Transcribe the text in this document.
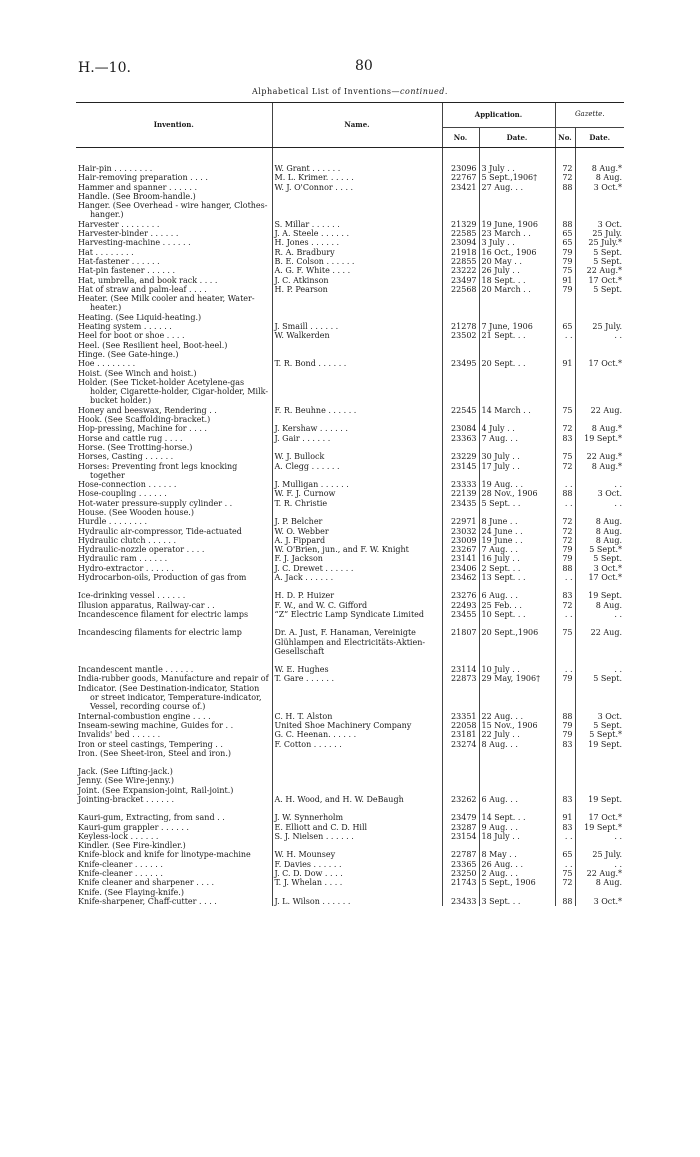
H.—10.	80
Alphabetical List of Inventions—continued.
Invention.	Name.	Application.		Gazette.	
		No.	Date.	No.	Date.

Hair-pin . . . . . . . .	W. Grant . . . . . .	23096	3 July . .	72	8 Aug.*

Hair-removing preparation . . . .	M. L. Krimer. . . . . .	22767	5 Sept.,1906†	72	8 Aug.

Hammer and spanner . . . . . .	W. J. O'Connor . . . .	23421	27 Aug. . .	88	3 Oct.*

Handle. (See Broom-handle.)					

Hanger. (See Overhead - wire hanger, Clothes-hanger.)					

Harvester . . . . . . . .	S. Millar . . . . . .	21329	19 June, 1906	88	3 Oct.

Harvester-binder . . . . . .	J. A. Steele . . . . . .	22585	23 March . .	65	25 July.

Harvesting-machine . . . . . .	H. Jones . . . . . .	23094	3 July . .	65	25 July.*

Hat . . . . . . . .	R. A. Bradbury	21918	16 Oct., 1906	79	5 Sept.

Hat-fastener . . . . . .	B. E. Colson . . . . . .	22855	20 May . .	79	5 Sept.

Hat-pin fastener . . . . . .	A. G. F. White . . . .	23222	26 July . .	75	22 Aug.*

Hat, umbrella, and book rack . . . .	J. C. Atkinson	23497	18 Sept. . .	91	17 Oct.*

Hat of straw and palm-leaf . . . .	H. P. Pearson	22568	20 March . .	79	5 Sept.

Heater. (See Milk cooler and heater, Water-heater.)					

Heating. (See Liquid-heating.)					

Heating system . . . . . .	J. Smaill . . . . . .	21278	7 June, 1906	65	25 July.

Heel for boot or shoe . . . .	W. Walkerden	23502	21 Sept. . .	. .	. .

Heel. (See Resilient heel, Boot-heel.)					

Hinge. (See Gate-hinge.)					

Hoe . . . . . . . .	T. R. Bond . . . . . .	23495	20 Sept. . .	91	17 Oct.*

Hoist. (See Winch and hoist.)					

Holder. (See Ticket-holder Acetylene-gas holder, Cigarette-holder, Cigar-holder, Milk-bucket holder.)					

Honey and beeswax, Rendering . .	F. R. Beuhne . . . . . .	22545	14 March . .	75	22 Aug.

Hook. (See Scaffolding-bracket.)					

Hop-pressing, Machine for . . . .	J. Kershaw . . . . . .	23084	4 July . .	72	8 Aug.*

Horse and cattle rug . . . .	J. Gair . . . . . .	23363	7 Aug. . .	83	19 Sept.*

Horse. (See Trotting-horse.)					

Horses, Casting . . . . . .	W. J. Bullock	23229	30 July . .	75	22 Aug.*

Horses: Preventing front legs knocking together	A. Clegg . . . . . .	23145	17 July . .	72	8 Aug.*

Hose-connection . . . . . .	J. Mulligan . . . . . .	23333	19 Aug. . .	. .	. .

Hose-coupling . . . . . .	W. F. J. Curnow	22139	28 Nov., 1906	88	3 Oct.

Hot-water pressure-supply cylinder . .	T. R. Christie	23435	5 Sept. . .	. .	. .

House. (See Wooden house.)					

Hurdle . . . . . . . .	J. P. Belcher	22971	8 June . .	72	8 Aug.

Hydraulic air-compressor, Tide-actuated	W. O. Webber	23032	24 June . .	72	8 Aug.

Hydraulic clutch . . . . . .	A. J. Fippard	23009	19 June . .	72	8 Aug.

Hydraulic-nozzle operator . . . .	W. O'Brien, jun., and F. W. Knight	23267	7 Aug. . .	79	5 Sept.*

Hydraulic ram . . . . . .	F. J. Jackson	23141	16 July . .	79	5 Sept.

Hydro-extractor . . . . . .	J. C. Drewet . . . . . .	23406	2 Sept. . .	88	3 Oct.*

Hydrocarbon-oils, Production of gas from	A. Jack . . . . . .	23462	13 Sept. . .	. .	17 Oct.*

Ice-drinking vessel . . . . . .	H. D. P. Huizer	23276	6 Aug. . .	83	19 Sept.

Illusion apparatus, Railway-car . .	F. W., and W. C. Gifford	22493	25 Feb. . .	72	8 Aug.

Incandescence filament for electric lamps	“Z” Electric Lamp Syndicate Limited	23455	10 Sept. . .	. .	. .

Incandescing filaments for electric lamp	Dr. A. Just, F. Hanaman, Vereinigte Glühlampen and Electricitäts-Aktien-Gesellschaft	21807	20 Sept.,1906	75	22 Aug.

Incandescent mantle . . . . . .	W. E. Hughes	23114	10 July . .	. .	. .

India-rubber goods, Manufacture and repair of	T. Gare . . . . . .	22873	29 May, 1906†	79	5 Sept.

Indicator. (See Destination-indicator, Station or street indicator, Temperature-indicator, Vessel, recording course of.)					

Internal-combustion engine . . . .	C. H. T. Alston	23351	22 Aug. . .	88	3 Oct.

Inseam-sewing machine, Guides for . .	United Shoe Machinery Company	22058	15 Nov., 1906	79	5 Sept.

Invalids' bed . . . . . .	G. C. Heenan. . . . . .	23181	22 July . .	79	5 Sept.*

Iron or steel castings, Tempering . .	F. Cotton . . . . . .	23274	8 Aug. . .	83	19 Sept.

Iron. (See Sheet-iron, Steel and iron.)					

Jack. (See Lifting-jack.)					

Jenny. (See Wire-jenny.)					

Joint. (See Expansion-joint, Rail-joint.)					

Jointing-bracket . . . . . .	A. H. Wood, and H. W. DeBaugh	23262	6 Aug. . .	83	19 Sept.

Kauri-gum, Extracting, from sand . .	J. W. Synnerholm	23479	14 Sept. . .	91	17 Oct.*

Kauri-gum grappler . . . . . .	E. Elliott and C. D. Hill	23287	9 Aug. . .	83	19 Sept.*

Keyless-lock . . . . . .	S. J. Nielsen . . . . . .	23154	18 July . .	. .	. .

Kindler. (See Fire-kindler.)					

Knife-block and knife for linotype-machine	W. H. Mounsey	22787	8 May . .	65	25 July.

Knife-cleaner . . . . . .	F. Davies . . . . . .	23365	26 Aug. . .	. .	. .

Knife-cleaner . . . . . .	J. C. D. Dow . . . .	23250	2 Aug. . .	75	22 Aug.*

Knife cleaner and sharpener . . . .	T. J. Whelan . . . .	21743	5 Sept., 1906	72	8 Aug.

Knife. (See Flaying-knife.)					

Knife-sharpener, Chaff-cutter . . . .	J. L. Wilson . . . . . .	23433	3 Sept. . .	88	3 Oct.*
